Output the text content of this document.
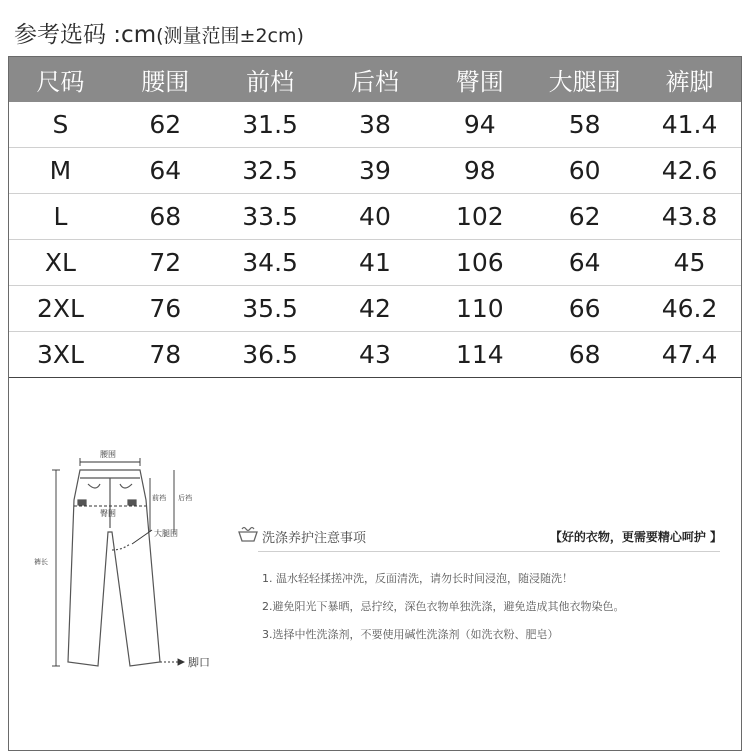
参考选码 :cm(测量范围±2cm)
尺码	腰围	前档	后档	臀围	大腿围	裤脚
S	62	31.5	38	94	58	41.4
M	64	32.5	39	98	60	42.6
L	68	33.5	40	102	62	43.8
XL	72	34.5	41	106	64	45
2XL	76	35.5	42	110	66	46.2
3XL	78	36.5	43	114	68	47.4
腰围
前裆 后裆
臀围
大腿围
裤长
脚口
洗涤养护注意事项	【好的衣物，更需要精心呵护 】
1. 温水轻轻揉搓冲洗，反面清洗，请勿长时间浸泡，随浸随洗！
2.避免阳光下暴晒，忌拧绞，深色衣物单独洗涤，避免造成其他衣物染色。
3.选择中性洗涤剂，不要使用碱性洗涤剂（如洗衣粉、肥皂）
